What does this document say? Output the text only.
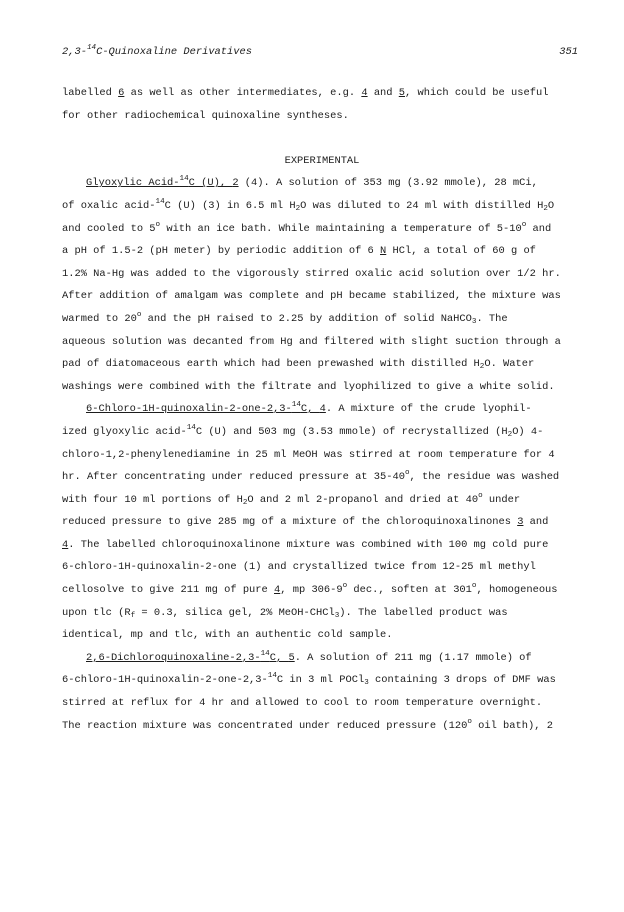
2,3-$^{14}$C-Quinoxaline Derivatives	351
labelled 6 as well as other intermediates, e.g. 4 and 5, which could be useful
for other radiochemical quinoxaline syntheses.
EXPERIMENTAL
Glyoxylic Acid-$^{14}$C (U), 2 (4). A solution of 353 mg (3.92 mmole), 28 mCi,
of oxalic acid-$^{14}$C (U) (3) in 6.5 ml $H_2O$ was diluted to 24 ml with distilled $H_2O$
and cooled to 5$^o$ with an ice bath. While maintaining a temperature of 5-10$^o$ and
a pH of 1.5-2 (pH meter) by periodic addition of 6 N HCl, a total of 60 g of
1.2% Na-Hg was added to the vigorously stirred oxalic acid solution over 1/2 hr.
After addition of amalgam was complete and pH became stabilized, the mixture was
warmed to 20$^o$ and the pH raised to 2.25 by addition of solid NaHCO$_3$. The
aqueous solution was decanted from Hg and filtered with slight suction through a
pad of diatomaceous earth which had been prewashed with distilled $H_2O$. Water
washings were combined with the filtrate and lyophilized to give a white solid.
6-Chloro-1H-quinoxalin-2-one-2,3-$^{14}$C, 4. A mixture of the crude lyophil-
ized glyoxylic acid-$^{14}$C (U) and 503 mg (3.53 mmole) of recrystallized $(H_2O)$ 4-
chloro-1,2-phenylenediamine in 25 ml MeOH was stirred at room temperature for 4
hr. After concentrating under reduced pressure at 35-40$^o$, the residue was washed
with four 10 ml portions of $H_2O$ and 2 ml 2-propanol and dried at 40$^o$ under
reduced pressure to give 285 mg of a mixture of the chloroquinoxalinones 3 and
4. The labelled chloroquinoxalinone mixture was combined with 100 mg cold pure
6-chloro-1H-quinoxalin-2-one (1) and crystallized twice from 12-25 ml methyl
cellosolve to give 211 mg of pure 4, mp 306-9$^o$ dec., soften at 301$^o$, homogeneous
upon tlc ($R_f = 0.3$, silica gel, 2% MeOH-CHCl$_3$). The labelled product was
identical, mp and tlc, with an authentic cold sample.
2,6-Dichloroquinoxaline-2,3-$^{14}$C, 5. A solution of 211 mg (1.17 mmole) of
6-chloro-1H-quinoxalin-2-one-2,3-$^{14}$C in 3 ml POCl$_3$ containing 3 drops of DMF was
stirred at reflux for 4 hr and allowed to cool to room temperature overnight.
The reaction mixture was concentrated under reduced pressure (120$^o$ oil bath), 2
